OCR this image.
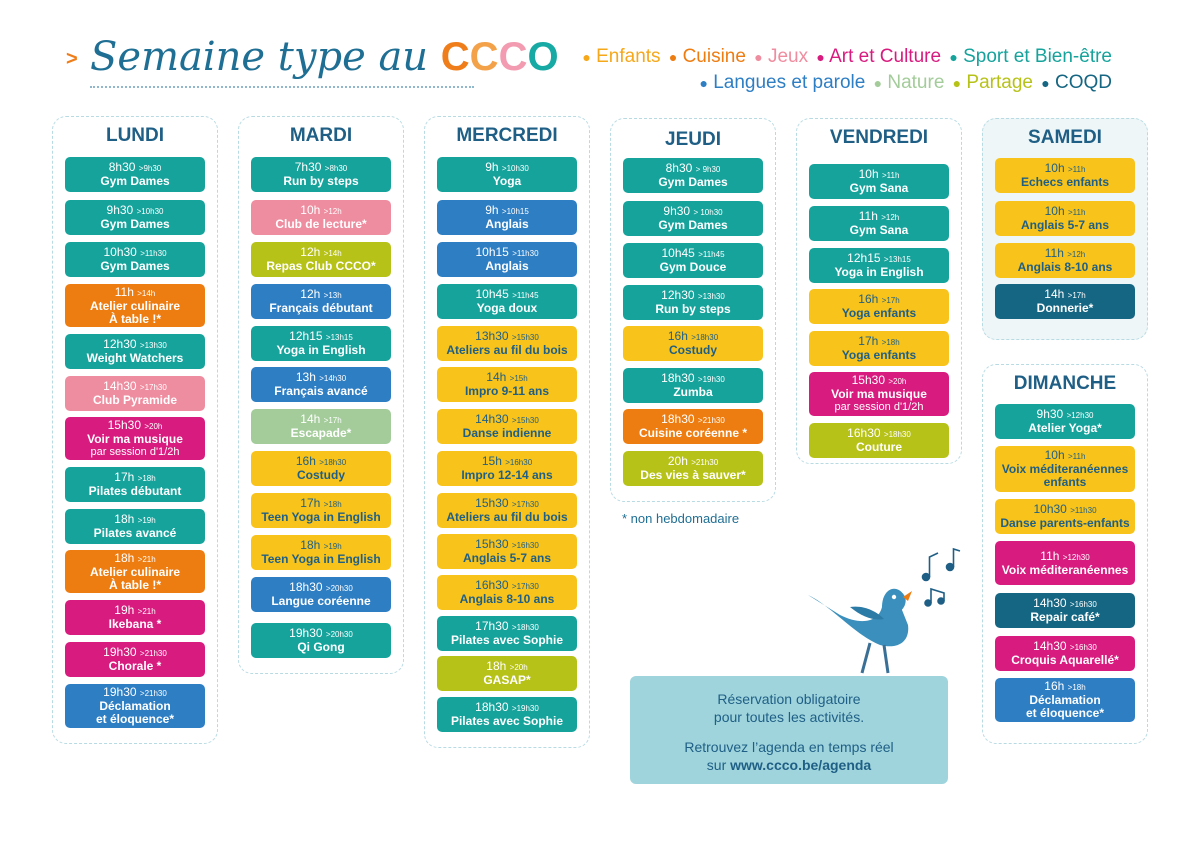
> Semaine type au CCCO	● Enfants ● Cuisine ● Jeux ● Art et Culture ● Sport et Bien-être
● Langues et parole ● Nature ● Partage ● COQD
LUNDI
8h30 >9h30
Gym Dames
9h30 >10h30
Gym Dames
10h30 >11h30
Gym Dames
11h >14h
Atelier culinaire
À table !*
12h30 >13h30
Weight Watchers
14h30 >17h30
Club Pyramide
15h30 >20h
Voir ma musique
par session d'1/2h
17h >18h
Pilates débutant
18h >19h
Pilates avancé
18h >21h
Atelier culinaire
À table !*
19h >21h
Ikebana *
19h30 >21h30
Chorale *
19h30 >21h30
Déclamation
et éloquence*
MARDI
7h30 >8h30
Run by steps
10h >12h
Club de lecture*
12h >14h
Repas Club CCCO*
12h >13h
Français débutant
12h15 >13h15
Yoga in English
13h >14h30
Français avancé
14h >17h
Escapade*
16h >18h30
Costudy
17h >18h
Teen Yoga in English
18h >19h
Teen Yoga in English
18h30 >20h30
Langue coréenne
19h30 >20h30
Qi Gong
MERCREDI
9h >10h30
Yoga
9h >10h15
Anglais
10h15 >11h30
Anglais
10h45 >11h45
Yoga doux
13h30 >15h30
Ateliers au fil du bois
14h >15h
Impro 9-11 ans
14h30 >15h30
Danse indienne
15h >16h30
Impro 12-14 ans
15h30 >17h30
Ateliers au fil du bois
15h30 >16h30
Anglais 5-7 ans
16h30 >17h30
Anglais 8-10 ans
17h30 >18h30
Pilates avec Sophie
18h >20h
GASAP*
18h30 >19h30
Pilates avec Sophie
JEUDI
8h30 > 9h30
Gym Dames
9h30 > 10h30
Gym Dames
10h45 >11h45
Gym Douce
12h30 >13h30
Run by steps
16h >18h30
Costudy
18h30 >19h30
Zumba
18h30 >21h30
Cuisine coréenne *
20h >21h30
Des vies à sauver*
* non hebdomadaire
VENDREDI
10h >11h
Gym Sana
11h >12h
Gym Sana
12h15 >13h15
Yoga in English
16h >17h
Yoga enfants
17h >18h
Yoga enfants
15h30 >20h
Voir ma musique
par session d'1/2h
16h30 >18h30
Couture
SAMEDI
10h >11h
Echecs enfants
10h >11h
Anglais 5-7 ans
11h >12h
Anglais 8-10 ans
14h >17h
Donnerie*
DIMANCHE
9h30 >12h30
Atelier Yoga*
10h >11h
Voix méditeranéennes
enfants
10h30 >11h30
Danse parents-enfants
11h >12h30
Voix méditeranéennes
14h30 >16h30
Repair café*
14h30 >16h30
Croquis Aquarellé*
16h >18h
Déclamation
et éloquence*
Réservation obligatoire
pour toutes les activités.
Retrouvez l’agenda en temps réel
sur www.ccco.be/agenda
